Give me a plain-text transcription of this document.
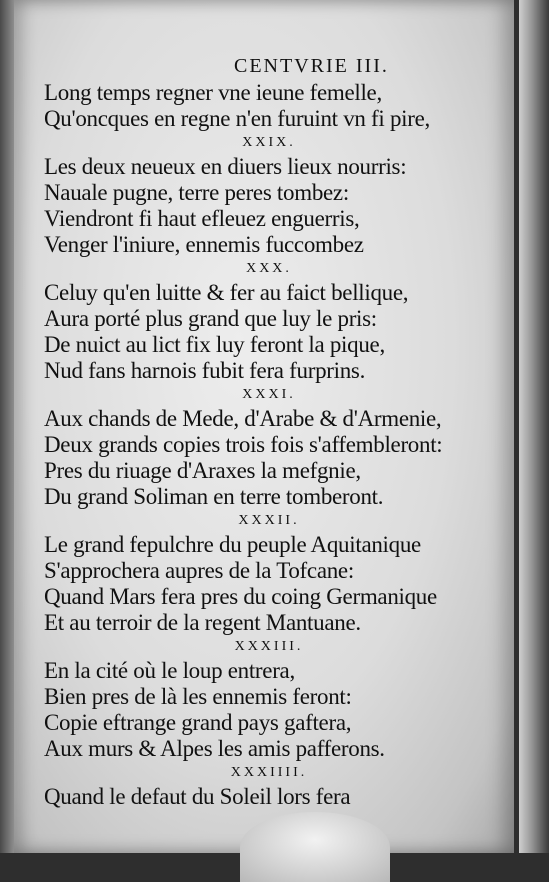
CENTVRIE III.
Long temps regner vne ieune femelle,
Qu'oncques en regne n'en furuint vn fi pire,
XXIX.
Les deux neueux en diuers lieux nourris:
Nauale pugne, terre peres tombez:
Viendront fi haut efleuez enguerris,
Venger l'iniure, ennemis fuccombez
XXX.
Celuy qu'en luitte & fer au faict bellique,
Aura porté plus grand que luy le pris:
De nuict au lict fix luy feront la pique,
Nud fans harnois fubit fera furprins.
XXXI.
Aux chands de Mede, d'Arabe & d'Armenie,
Deux grands copies trois fois s'affembleront:
Pres du riuage d'Araxes la mefgnie,
Du grand Soliman en terre tomberont.
XXXII.
Le grand fepulchre du peuple Aquitanique
S'approchera aupres de la Tofcane:
Quand Mars fera pres du coing Germanique
Et au terroir de la regent Mantuane.
XXXIII.
En la cité où le loup entrera,
Bien pres de là les ennemis feront:
Copie eftrange grand pays gaftera,
Aux murs & Alpes les amis pafferons.
XXXIIII.
Quand le defaut du Soleil lors fera
